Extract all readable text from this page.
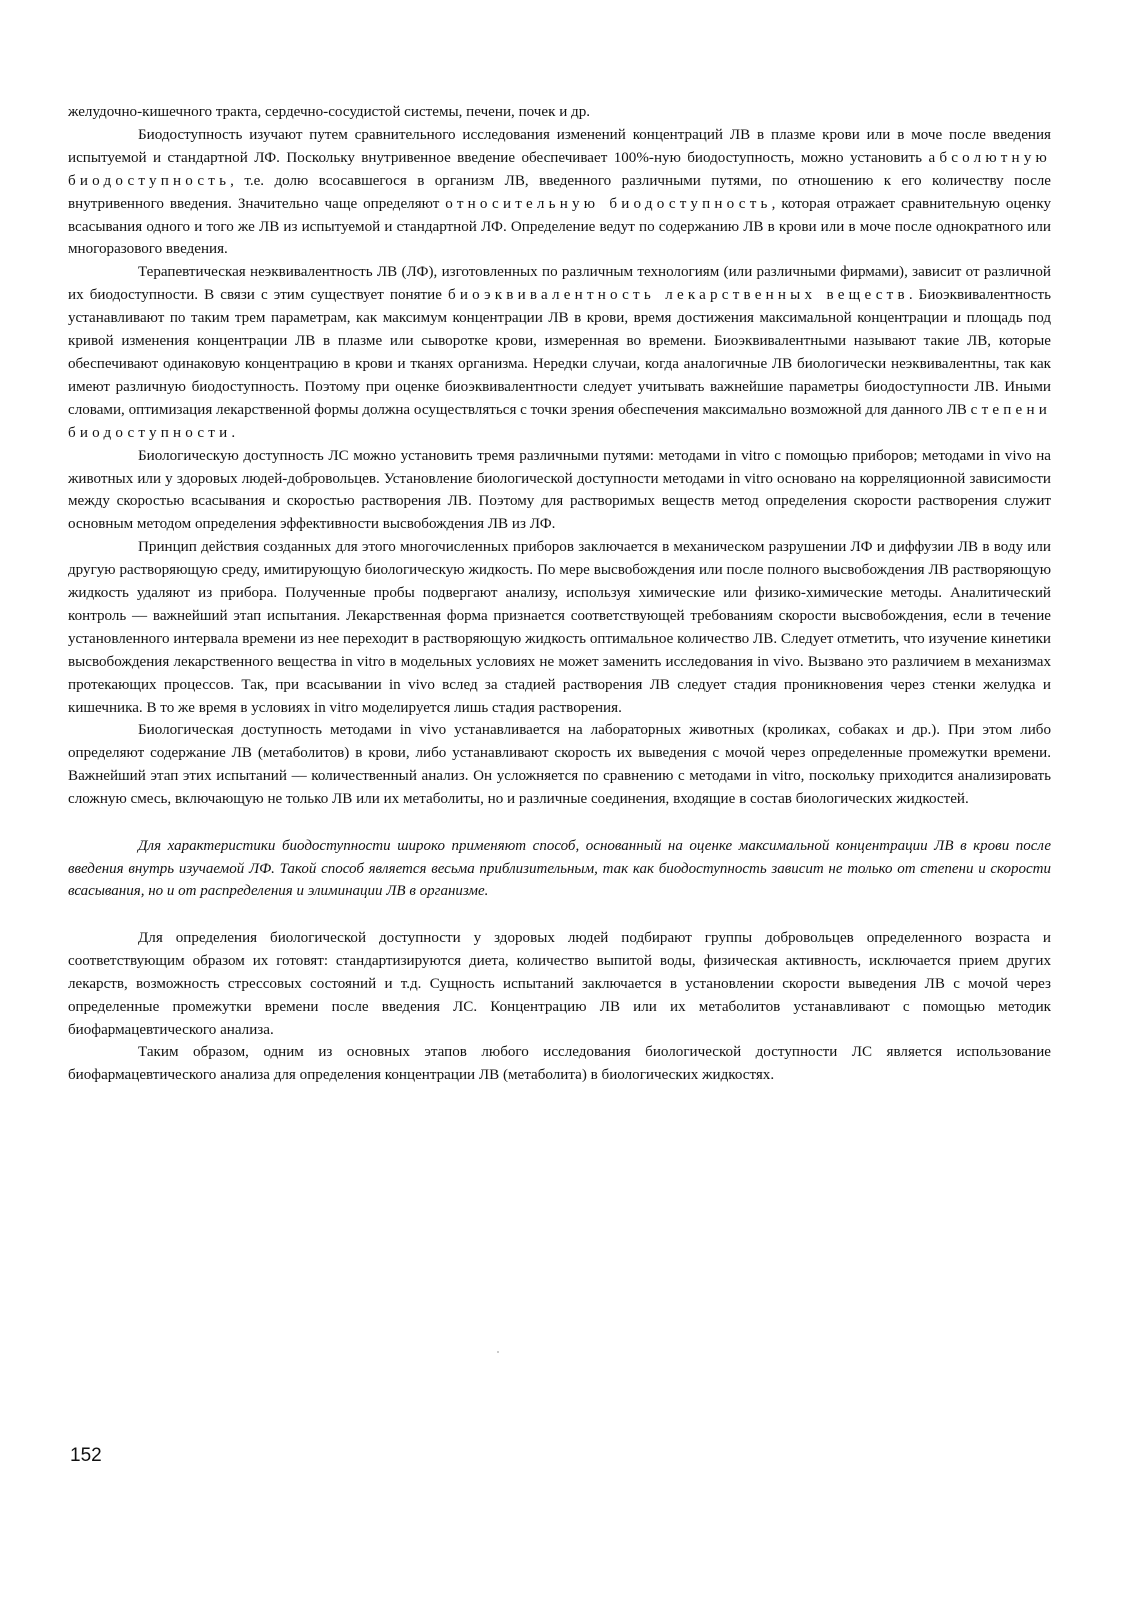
желудочно-кишечного тракта, сердечно-сосудистой системы, печени, почек и др.

Биодоступность изучают путем сравнительного исследования изменений концентраций ЛВ в плазме крови или в моче после введения испытуемой и стандартной ЛФ. Поскольку внутривенное введение обеспечивает 100%-ную биодоступность, можно установить абсолютную биодоступность, т.е. долю всосавшегося в организм ЛВ, введенного различными путями, по отношению к его количеству после внутривенного введения. Значительно чаще определяют относительную биодоступность, которая отражает сравнительную оценку всасывания одного и того же ЛВ из испытуемой и стандартной ЛФ. Определение ведут по содержанию ЛВ в крови или в моче после однократного или многоразового введения.

Терапевтическая неэквивалентность ЛВ (ЛФ), изготовленных по различным технологиям (или различными фирмами), зависит от различной их биодоступности. В связи с этим существует понятие биоэквивалентность лекарственных веществ. Биоэквивалентность устанавливают по таким трем параметрам, как максимум концентрации ЛВ в крови, время достижения максимальной концентрации и площадь под кривой изменения концентрации ЛВ в плазме или сыворотке крови, измеренная во времени. Биоэквивалентными называют такие ЛВ, которые обеспечивают одинаковую концентрацию в крови и тканях организма. Нередки случаи, когда аналогичные ЛВ биологически неэквивалентны, так как имеют различную биодоступность. Поэтому при оценке биоэквивалентности следует учитывать важнейшие параметры биодоступности ЛВ. Иными словами, оптимизация лекарственной формы должна осуществляться с точки зрения обеспечения максимально возможной для данного ЛВ степени биодоступности.

Биологическую доступность ЛС можно установить тремя различными путями: методами in vitro с помощью приборов; методами in vivo на животных или у здоровых людей-добровольцев. Установление биологической доступности методами in vitro основано на корреляционной зависимости между скоростью всасывания и скоростью растворения ЛВ. Поэтому для растворимых веществ метод определения скорости растворения служит основным методом определения эффективности высвобождения ЛВ из ЛФ.

Принцип действия созданных для этого многочисленных приборов заключается в механическом разрушении ЛФ и диффузии ЛВ в воду или другую растворяющую среду, имитирующую биологическую жидкость. По мере высвобождения или после полного высвобождения ЛВ растворяющую жидкость удаляют из прибора. Полученные пробы подвергают анализу, используя химические или физико-химические методы. Аналитический контроль — важнейший этап испытания. Лекарственная форма признается соответствующей требованиям скорости высвобождения, если в течение установленного интервала времени из нее переходит в растворяющую жидкость оптимальное количество ЛВ. Следует отметить, что изучение кинетики высвобождения лекарственного вещества in vitro в модельных условиях не может заменить исследования in vivo. Вызвано это различием в механизмах протекающих процессов. Так, при всасывании in vivo вслед за стадией растворения ЛВ следует стадия проникновения через стенки желудка и кишечника. В то же время в условиях in vitro моделируется лишь стадия растворения.

Биологическая доступность методами in vivo устанавливается на лабораторных животных (кроликах, собаках и др.). При этом либо определяют содержание ЛВ (метаболитов) в крови, либо устанавливают скорость их выведения с мочой через определенные промежутки времени. Важнейший этап этих испытаний — количественный анализ. Он усложняется по сравнению с методами in vitro, поскольку приходится анализировать сложную смесь, включающую не только ЛВ или их метаболиты, но и различные соединения, входящие в состав биологических жидкостей.

Для характеристики биодоступности широко применяют способ, основанный на оценке максимальной концентрации ЛВ в крови после введения внутрь изучаемой ЛФ. Такой способ является весьма приблизительным, так как биодоступность зависит не только от степени и скорости всасывания, но и от распределения и элиминации ЛВ в организме.

Для определения биологической доступности у здоровых людей подбирают группы добровольцев определенного возраста и соответствующим образом их готовят: стандартизируются диета, количество выпитой воды, физическая активность, исключается прием других лекарств, возможность стрессовых состояний и т.д. Сущность испытаний заключается в установлении скорости выведения ЛВ с мочой через определенные промежутки времени после введения ЛС. Концентрацию ЛВ или их метаболитов устанавливают с помощью методик биофармацевтического анализа.

Таким образом, одним из основных этапов любого исследования биологической доступности ЛС является использование биофармацевтического анализа для определения концентрации ЛВ (метаболита) в биологических жидкостях.

152
